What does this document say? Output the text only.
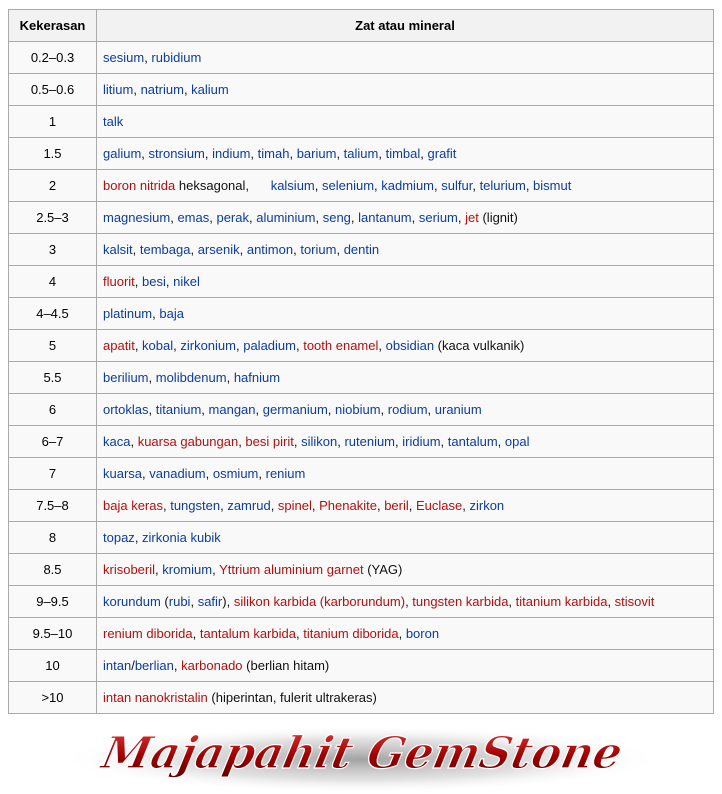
Kekerasan	Zat atau mineral
0.2–0.3	sesium, rubidium
0.5–0.6	litium, natrium, kalium
1	talk
1.5	galium, stronsium, indium, timah, barium, talium, timbal, grafit
2	boron nitrida heksagonal,      kalsium, selenium, kadmium, sulfur, telurium, bismut
2.5–3	magnesium, emas, perak, aluminium, seng, lantanum, serium, jet (lignit)
3	kalsit, tembaga, arsenik, antimon, torium, dentin
4	fluorit, besi, nikel
4–4.5	platinum, baja
5	apatit, kobal, zirkonium, paladium, tooth enamel, obsidian (kaca vulkanik)
5.5	berilium, molibdenum, hafnium
6	ortoklas, titanium, mangan, germanium, niobium, rodium, uranium
6–7	kaca, kuarsa gabungan, besi pirit, silikon, rutenium, iridium, tantalum, opal
7	kuarsa, vanadium, osmium, renium
7.5–8	baja keras, tungsten, zamrud, spinel, Phenakite, beril, Euclase, zirkon
8	topaz, zirkonia kubik
8.5	krisoberil, kromium, Yttrium aluminium garnet (YAG)
9–9.5	korundum (rubi, safir), silikon karbida (karborundum), tungsten karbida, titanium karbida, stisovit
9.5–10	renium diborida, tantalum karbida, titanium diborida, boron
10	intan/berlian, karbonado (berlian hitam)
>10	intan nanokristalin (hiperintan, fulerit ultrakeras)
Majapahit GemStone
